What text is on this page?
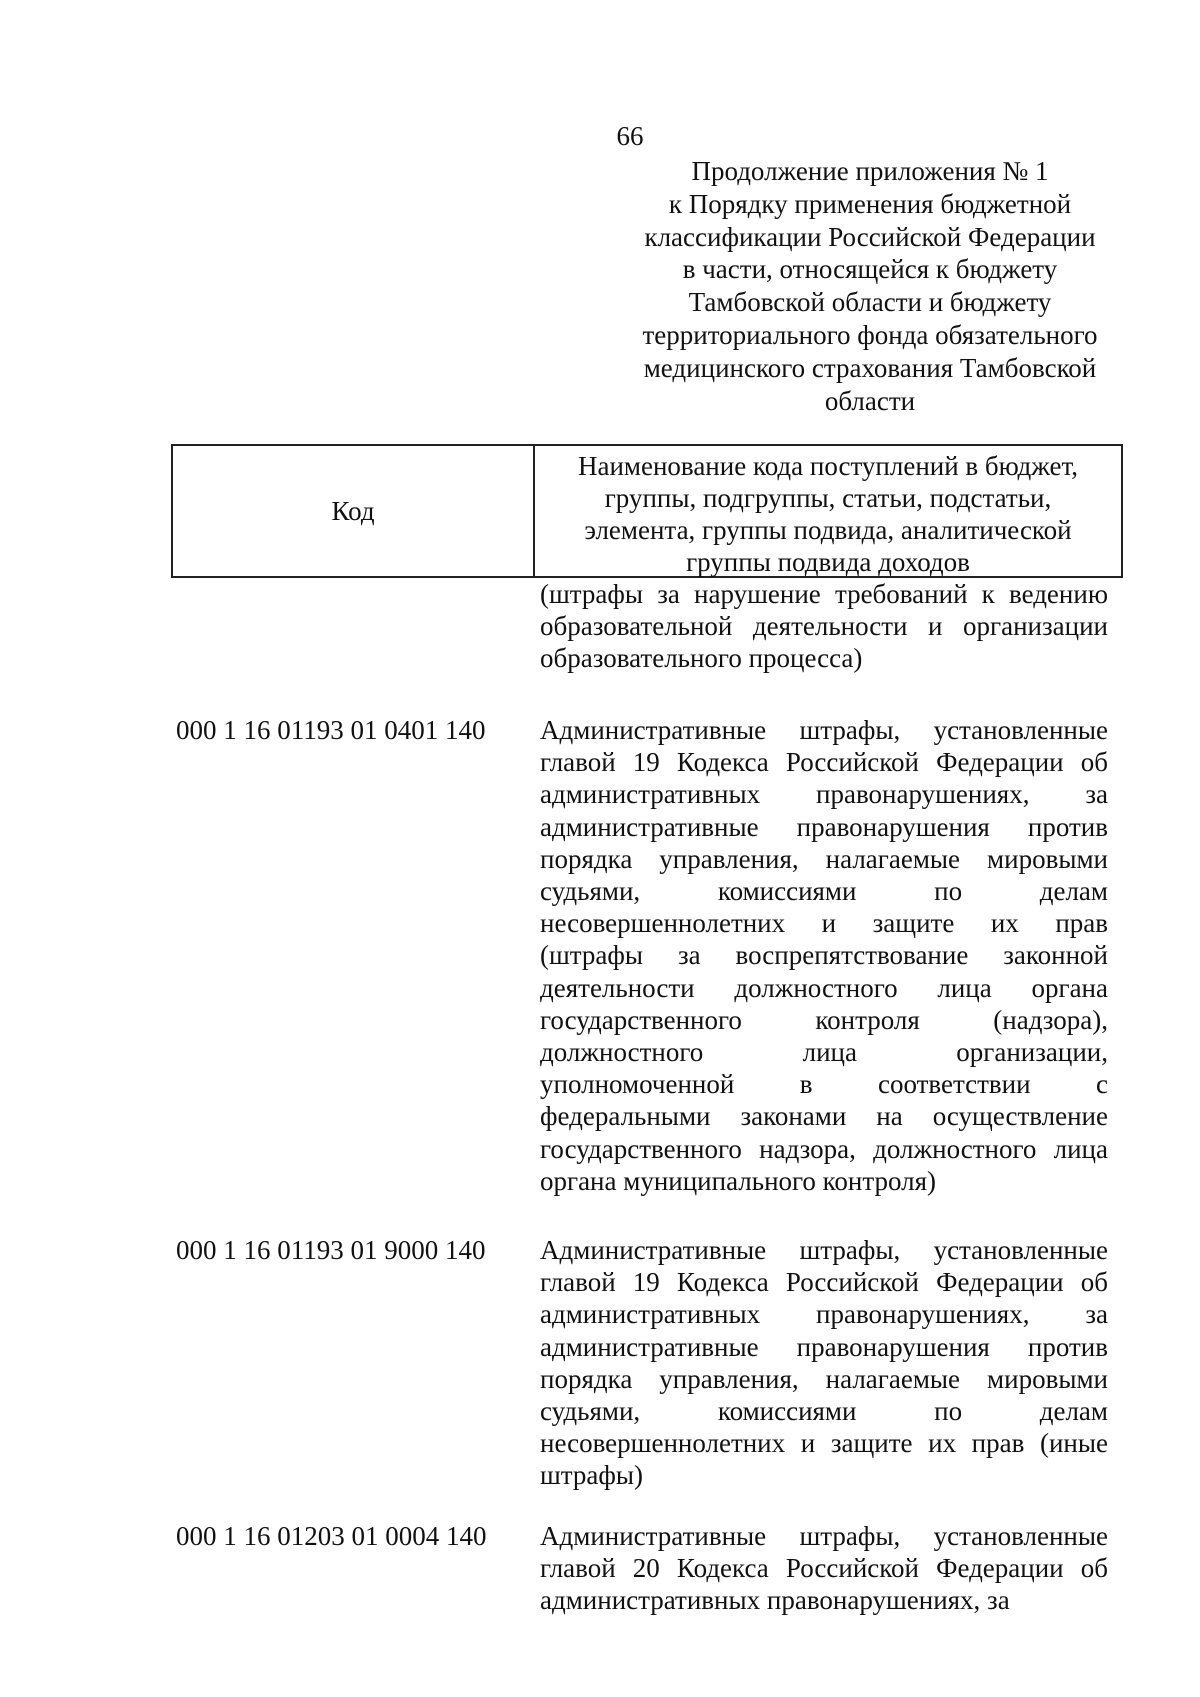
66
Продолжение приложения № 1
к Порядку применения бюджетной
классификации Российской Федерации
в части, относящейся к бюджету
Тамбовской области и бюджету
территориального фонда обязательного
медицинского страхования Тамбовской
области
Код
Наименование кода поступлений в бюджет,
группы, подгруппы, статьи, подстатьи,
элемента, группы подвида, аналитической
группы подвида доходов
(штрафы за нарушение требований к ведению
образовательной деятельности и организации
образовательного процесса)
000 1 16 01193 01 0401 140 Административные штрафы, установленные
главой 19 Кодекса Российской Федерации об
административных правонарушениях, за
административные правонарушения против
порядка управления, налагаемые мировыми
судьями, комиссиями по делам
несовершеннолетних и защите их прав
(штрафы за воспрепятствование законной
деятельности должностного лица органа
государственного контроля (надзора),
должностного лица организации,
уполномоченной в соответствии с
федеральными законами на осуществление
государственного надзора, должностного лица
органа муниципального контроля)
000 1 16 01193 01 9000 140 Административные штрафы, установленные
главой 19 Кодекса Российской Федерации об
административных правонарушениях, за
административные правонарушения против
порядка управления, налагаемые мировыми
судьями, комиссиями по делам
несовершеннолетних и защите их прав (иные
штрафы)
000 1 16 01203 01 0004 140 Административные штрафы, установленные
главой 20 Кодекса Российской Федерации об
административных правонарушениях, за
